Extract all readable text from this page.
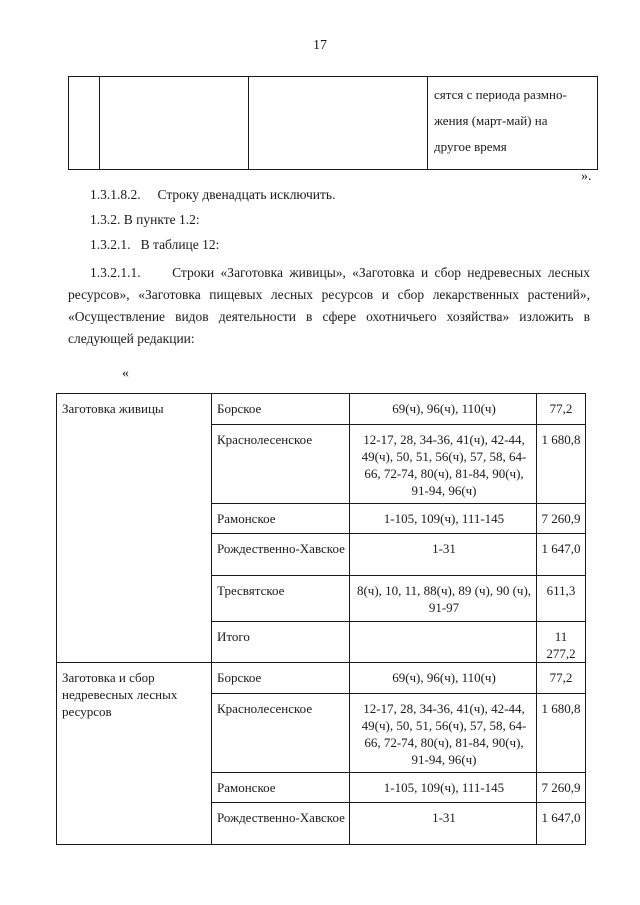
17
			сятся с периода размно-
жения (март-май) на
другое время
».
1.3.1.8.2.     Строку двенадцать исключить.
1.3.2. В пункте 1.2:
1.3.2.1.   В таблице 12:
1.3.2.1.1.     Строки «Заготовка живицы», «Заготовка и сбор недревесных лесных ресурсов», «Заготовка пищевых лесных ресурсов и сбор лекарственных растений», «Осуществление видов деятельности в сфере охотничьего хозяйства» изложить в следующей редакции:
«
Заготовка живицы	Борское	69(ч), 96(ч), 110(ч)	77,2

	Краснолесенское	12-17, 28, 34-36, 41(ч), 42-44, 49(ч), 50, 51, 56(ч), 57, 58, 64-66, 72-74, 80(ч), 81-84, 90(ч), 91-94, 96(ч)	1 680,8

	Рамонское	1-105, 109(ч), 111-145	7 260,9

	Рождественно-Хавское	1-31	1 647,0

	Тресвятское	8(ч), 10, 11, 88(ч), 89 (ч), 90 (ч), 91-97	611,3

	Итого		11 277,2

Заготовка и сбор недревесных лесных ресурсов	Борское	69(ч), 96(ч), 110(ч)	77,2

	Краснолесенское	12-17, 28, 34-36, 41(ч), 42-44, 49(ч), 50, 51, 56(ч), 57, 58, 64-66, 72-74, 80(ч), 81-84, 90(ч), 91-94, 96(ч)	1 680,8

	Рамонское	1-105, 109(ч), 111-145	7 260,9

	Рождественно-Хавское	1-31	1 647,0
